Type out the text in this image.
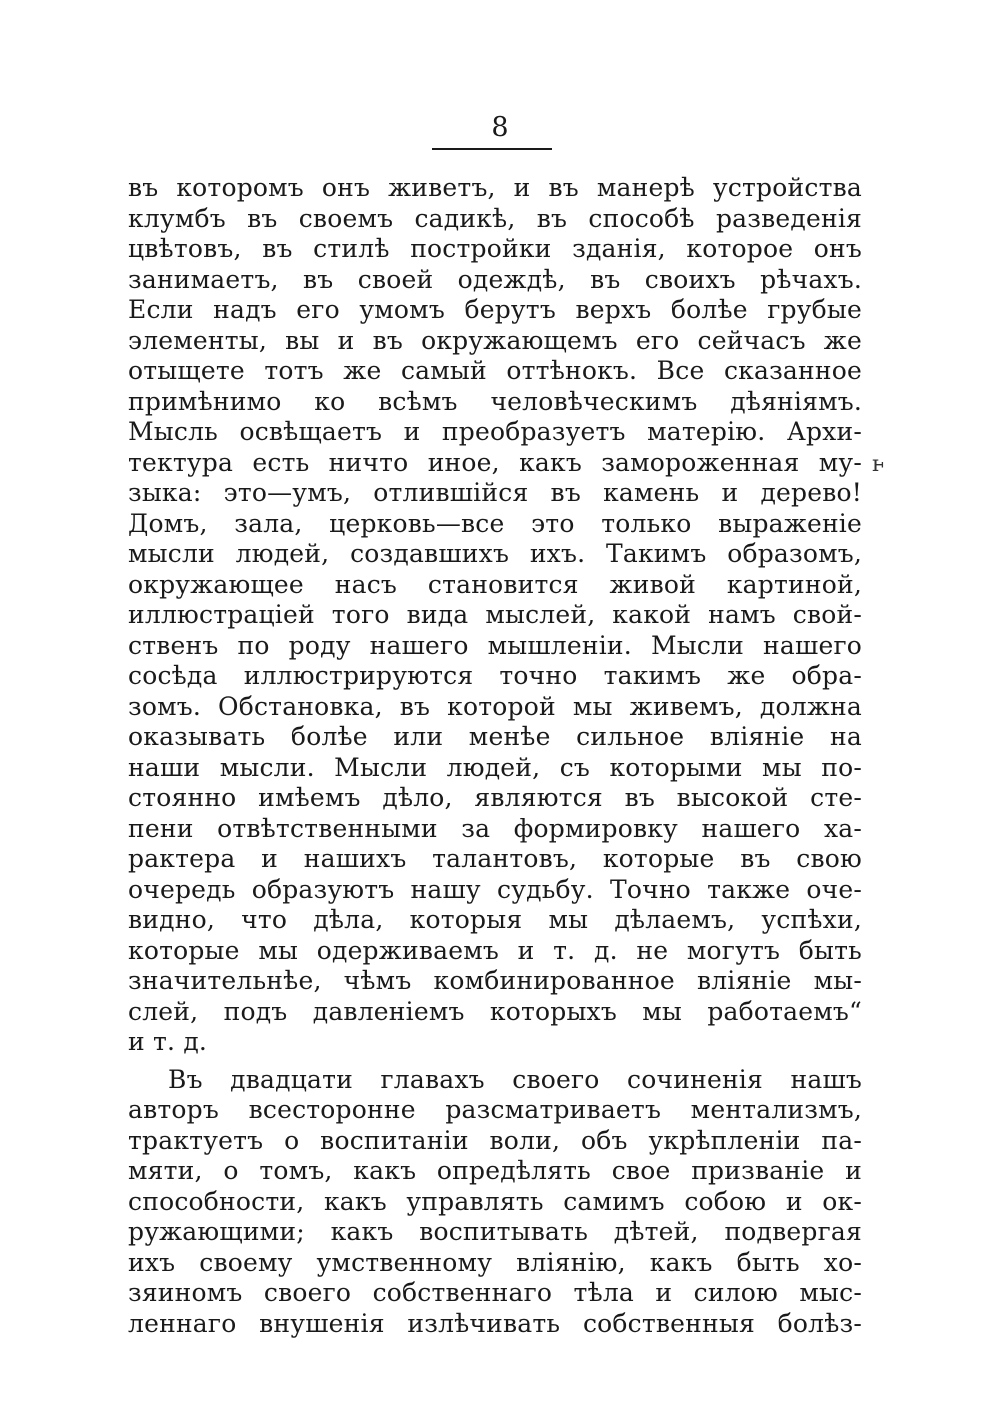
8
ⱶ
въ которомъ онъ живетъ, и въ манерѣ устройства
клумбъ въ своемъ садикѣ, въ способѣ разведенія
цвѣтовъ, въ стилѣ постройки зданія, которое онъ
занимаетъ, въ своей одеждѣ, въ своихъ рѣчахъ.
Если надъ его умомъ берутъ верхъ болѣе грубые
элементы, вы и въ окружающемъ его сейчасъ же
отыщете тотъ же самый оттѣнокъ. Все сказанное
примѣнимо ко всѣмъ человѣческимъ дѣяніямъ.
Мысль освѣщаетъ и преобразуетъ матерію. Архи-
тектура есть ничто иное, какъ замороженная му-
зыка: это—умъ, отлившійся въ камень и дерево!
Домъ, зала, церковь—все это только выраженіе
мысли людей, создавшихъ ихъ. Такимъ образомъ,
окружающее насъ становится живой картиной,
иллюстраціей того вида мыслей, какой намъ свой-
ственъ по роду нашего мышленіи. Мысли нашего
сосѣда иллюстрируются точно такимъ же обра-
зомъ. Обстановка, въ которой мы живемъ, должна
оказывать болѣе или менѣе сильное вліяніе на
наши мысли. Мысли людей, съ которыми мы по-
стоянно имѣемъ дѣло, являются въ высокой сте-
пени отвѣтственными за формировку нашего ха-
рактера и нашихъ талантовъ, которые въ свою
очередь образуютъ нашу судьбу. Точно также оче-
видно, что дѣла, которыя мы дѣлаемъ, успѣхи,
которые мы одерживаемъ и т. д. не могутъ быть
значительнѣе, чѣмъ комбинированное вліяніе мы-
слей, подъ давленіемъ которыхъ мы работаемъ“
и т. д.
Въ двадцати главахъ своего сочиненія нашъ
авторъ всесторонне разсматриваетъ ментализмъ,
трактуетъ о воспитаніи воли, объ укрѣпленіи па-
мяти, о томъ, какъ опредѣлять свое призваніе и
способности, какъ управлять самимъ собою и ок-
ружающими; какъ воспитывать дѣтей, подвергая
ихъ своему умственному вліянію, какъ быть хо-
зяиномъ своего собственнаго тѣла и силою мыс-
леннаго внушенія излѣчивать собственныя болѣз-
